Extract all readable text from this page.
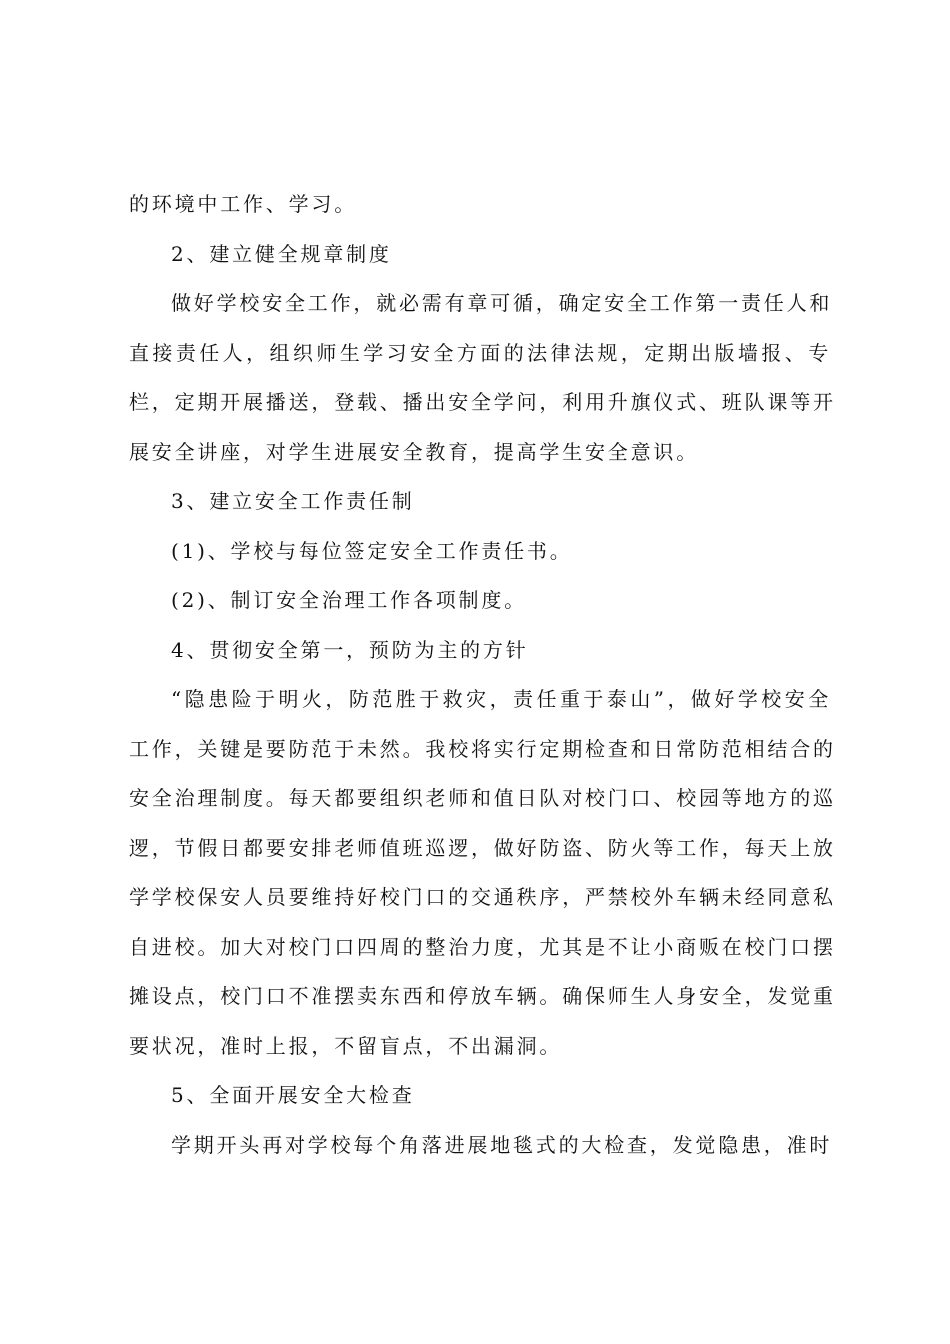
的环境中工作、学习。
2、建立健全规章制度
做好学校安全工作，就必需有章可循，确定安全工作第一责任人和
直接责任人，组织师生学习安全方面的法律法规，定期出版墙报、专
栏，定期开展播送，登载、播出安全学问，利用升旗仪式、班队课等开
展安全讲座，对学生进展安全教育，提高学生安全意识。
3、建立安全工作责任制
(1)、学校与每位签定安全工作责任书。
(2)、制订安全治理工作各项制度。
4、贯彻安全第一，预防为主的方针
“隐患险于明火，防范胜于救灾，责任重于泰山”，做好学校安全
工作，关键是要防范于未然。我校将实行定期检查和日常防范相结合的
安全治理制度。每天都要组织老师和值日队对校门口、校园等地方的巡
逻，节假日都要安排老师值班巡逻，做好防盗、防火等工作，每天上放
学学校保安人员要维持好校门口的交通秩序，严禁校外车辆未经同意私
自进校。加大对校门口四周的整治力度，尤其是不让小商贩在校门口摆
摊设点，校门口不准摆卖东西和停放车辆。确保师生人身安全，发觉重
要状况，准时上报，不留盲点，不出漏洞。
5、全面开展安全大检查
学期开头再对学校每个角落进展地毯式的大检查，发觉隐患，准时
